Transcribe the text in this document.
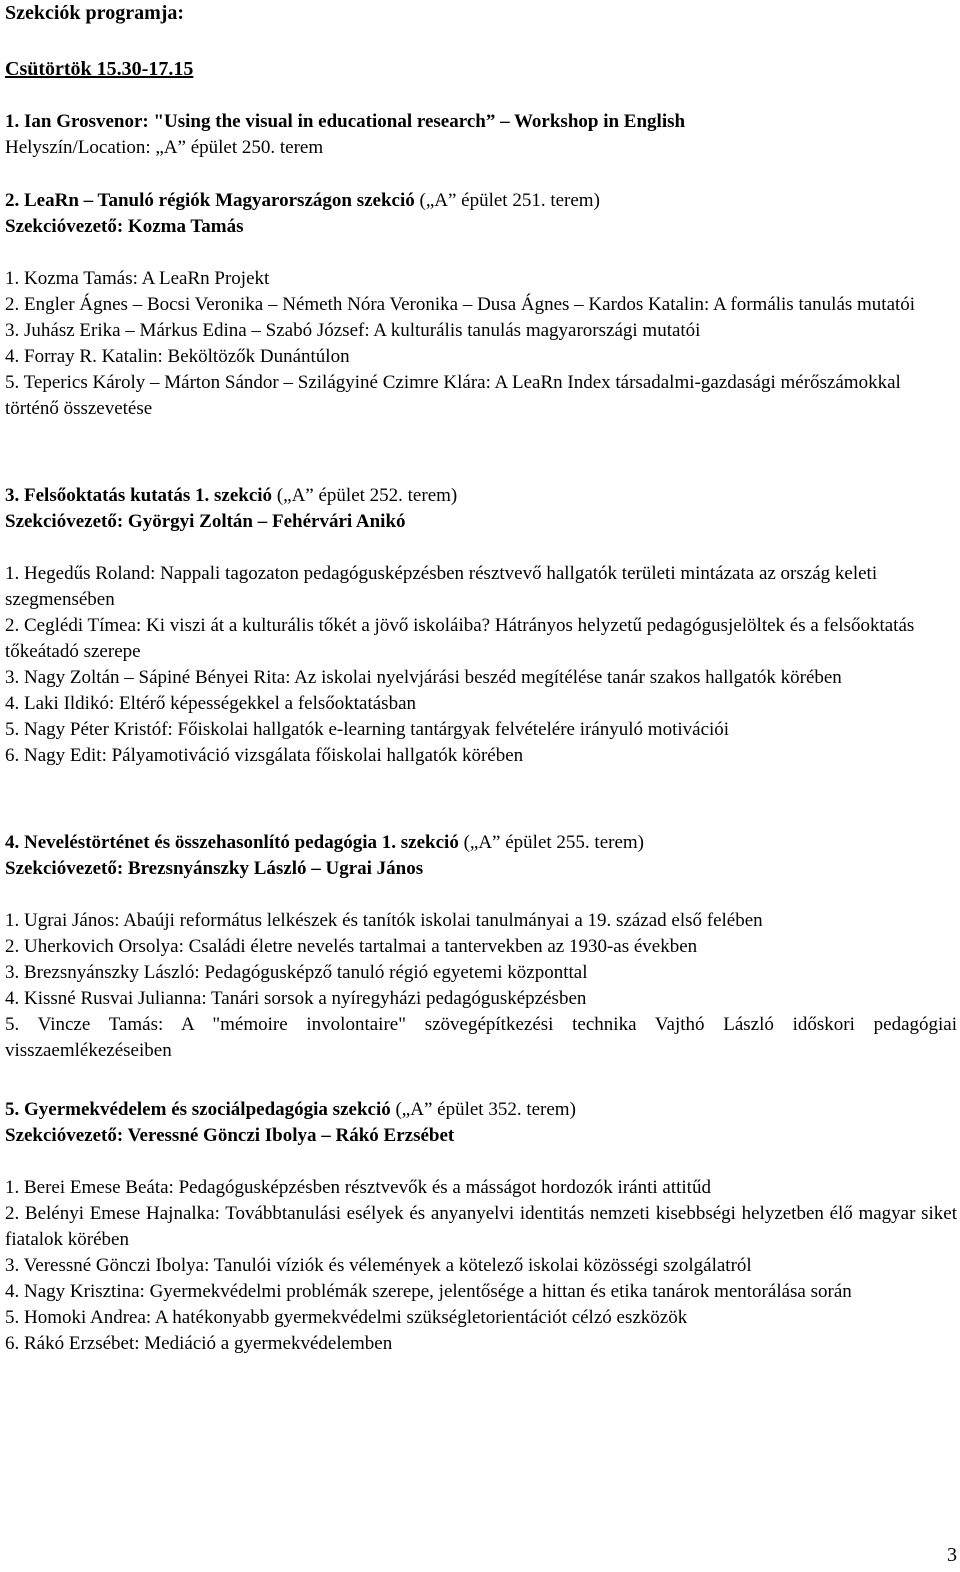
Szekciók programja:
Csütörtök 15.30-17.15
1. Ian Grosvenor: "Using the visual in educational research” – Workshop in English
Helyszín/Location: „A” épület 250. terem
2. LeaRn – Tanuló régiók Magyarországon szekció („A” épület 251. terem)
Szekcióvezető: Kozma Tamás
1. Kozma Tamás: A LeaRn Projekt
2. Engler Ágnes – Bocsi Veronika – Németh Nóra Veronika – Dusa Ágnes – Kardos Katalin: A formális tanulás mutatói
3. Juhász Erika – Márkus Edina – Szabó József: A kulturális tanulás magyarországi mutatói
4. Forray R. Katalin: Beköltözők Dunántúlon
5. Teperics Károly – Márton Sándor – Szilágyiné Czimre Klára: A LeaRn Index társadalmi-gazdasági mérőszámokkal történő összevetése
3. Felsőoktatás kutatás 1. szekció („A” épület 252. terem)
Szekcióvezető: Györgyi Zoltán – Fehérvári Anikó
1. Hegedűs Roland: Nappali tagozaton pedagógusképzésben résztvevő hallgatók területi mintázata az ország keleti szegmensében
2. Ceglédi Tímea: Ki viszi át a kulturális tőkét a jövő iskoláiba? Hátrányos helyzetű pedagógusjelöltek és a felsőoktatás tőkeátadó szerepe
3. Nagy Zoltán – Sápiné Bényei Rita: Az iskolai nyelvjárási beszéd megítélése tanár szakos hallgatók körében
4. Laki Ildikó: Eltérő képességekkel a felsőoktatásban
5. Nagy Péter Kristóf: Főiskolai hallgatók e-learning tantárgyak felvételére irányuló motivációi
6. Nagy Edit: Pályamotiváció vizsgálata főiskolai hallgatók körében
4. Neveléstörténet és összehasonlító pedagógia 1. szekció („A” épület 255. terem)
Szekcióvezető: Brezsnyánszky László – Ugrai János
1. Ugrai János: Abaúji református lelkészek és tanítók iskolai tanulmányai a 19. század első felében
2. Uherkovich Orsolya: Családi életre nevelés tartalmai a tantervekben az 1930-as években
3. Brezsnyánszky László: Pedagógusképző tanuló régió egyetemi központtal
4. Kissné Rusvai Julianna: Tanári sorsok a nyíregyházi pedagógusképzésben
5. Vincze Tamás: A "mémoire involontaire" szövegépítkezési technika Vajthó László időskori pedagógiai visszaemlékezéseiben
5. Gyermekvédelem és szociálpedagógia szekció („A” épület 352. terem)
Szekcióvezető: Veressné Gönczi Ibolya – Rákó Erzsébet
1. Berei Emese Beáta: Pedagógusképzésben résztvevők és a másságot hordozók iránti attitűd
2. Belényi Emese Hajnalka: Továbbtanulási esélyek és anyanyelvi identitás nemzeti kisebbségi helyzetben élő magyar siket fiatalok körében
3. Veressné Gönczi Ibolya: Tanulói víziók és vélemények a kötelező iskolai közösségi szolgálatról
4. Nagy Krisztina: Gyermekvédelmi problémák szerepe, jelentősége a hittan és etika tanárok mentorálása során
5. Homoki Andrea: A hatékonyabb gyermekvédelmi szükségletorientációt célzó eszközök
6. Rákó Erzsébet: Mediáció a gyermekvédelemben
3
